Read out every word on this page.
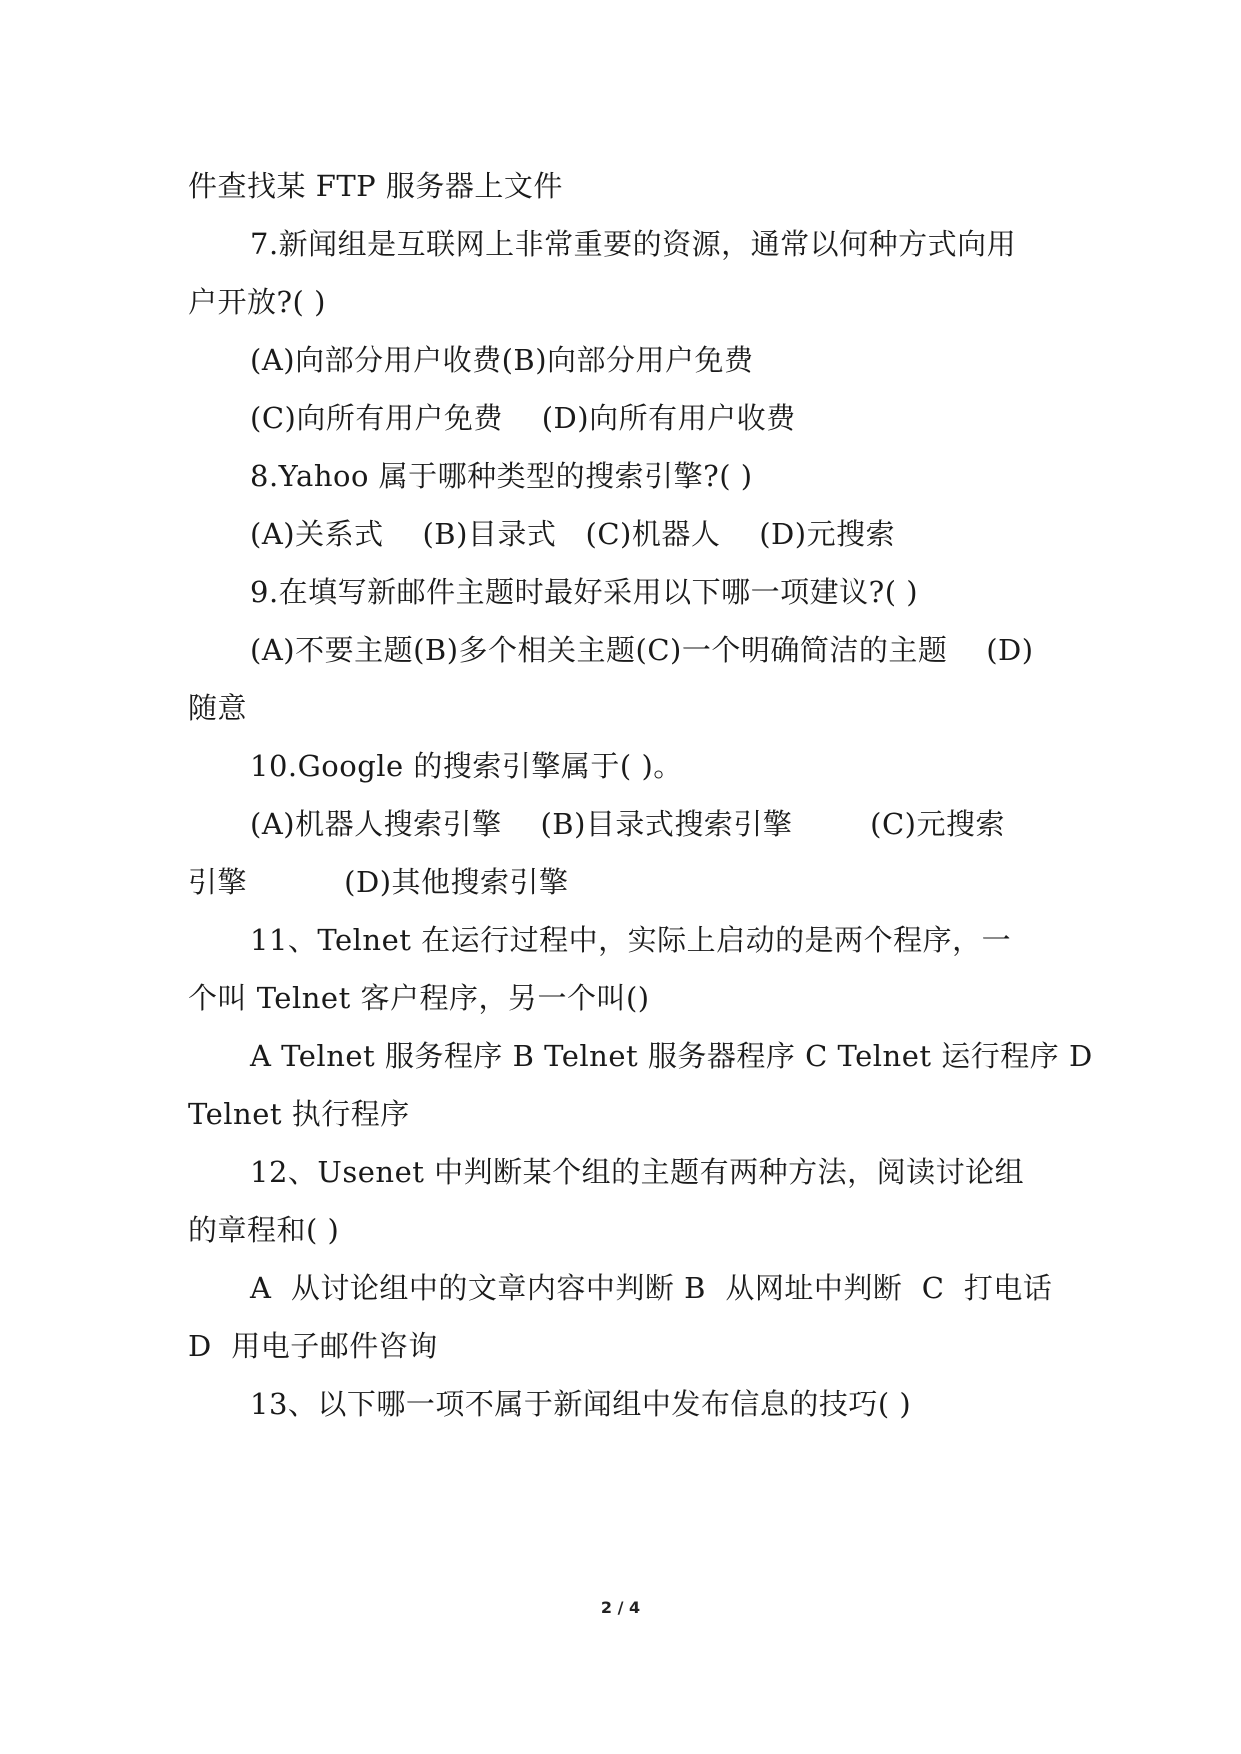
件查找某 FTP 服务器上文件
7.新闻组是互联网上非常重要的资源，通常以何种方式向用
户开放?( )
(A)向部分用户收费(B)向部分用户免费
(C)向所有用户免费    (D)向所有用户收费
8.Yahoo 属于哪种类型的搜索引擎?( )
(A)关系式    (B)目录式   (C)机器人    (D)元搜索
9.在填写新邮件主题时最好采用以下哪一项建议?( )
(A)不要主题(B)多个相关主题(C)一个明确简洁的主题    (D)
随意
10.Google 的搜索引擎属于( )。
(A)机器人搜索引擎    (B)目录式搜索引擎        (C)元搜索
引擎          (D)其他搜索引擎
11、Telnet 在运行过程中，实际上启动的是两个程序，一
个叫 Telnet 客户程序，另一个叫()
A Telnet 服务程序 B Telnet 服务器程序 C Telnet 运行程序 D
Telnet 执行程序
12、Usenet 中判断某个组的主题有两种方法，阅读讨论组
的章程和( )
A  从讨论组中的文章内容中判断 B  从网址中判断  C  打电话
D  用电子邮件咨询
13、以下哪一项不属于新闻组中发布信息的技巧( )
2 / 4
